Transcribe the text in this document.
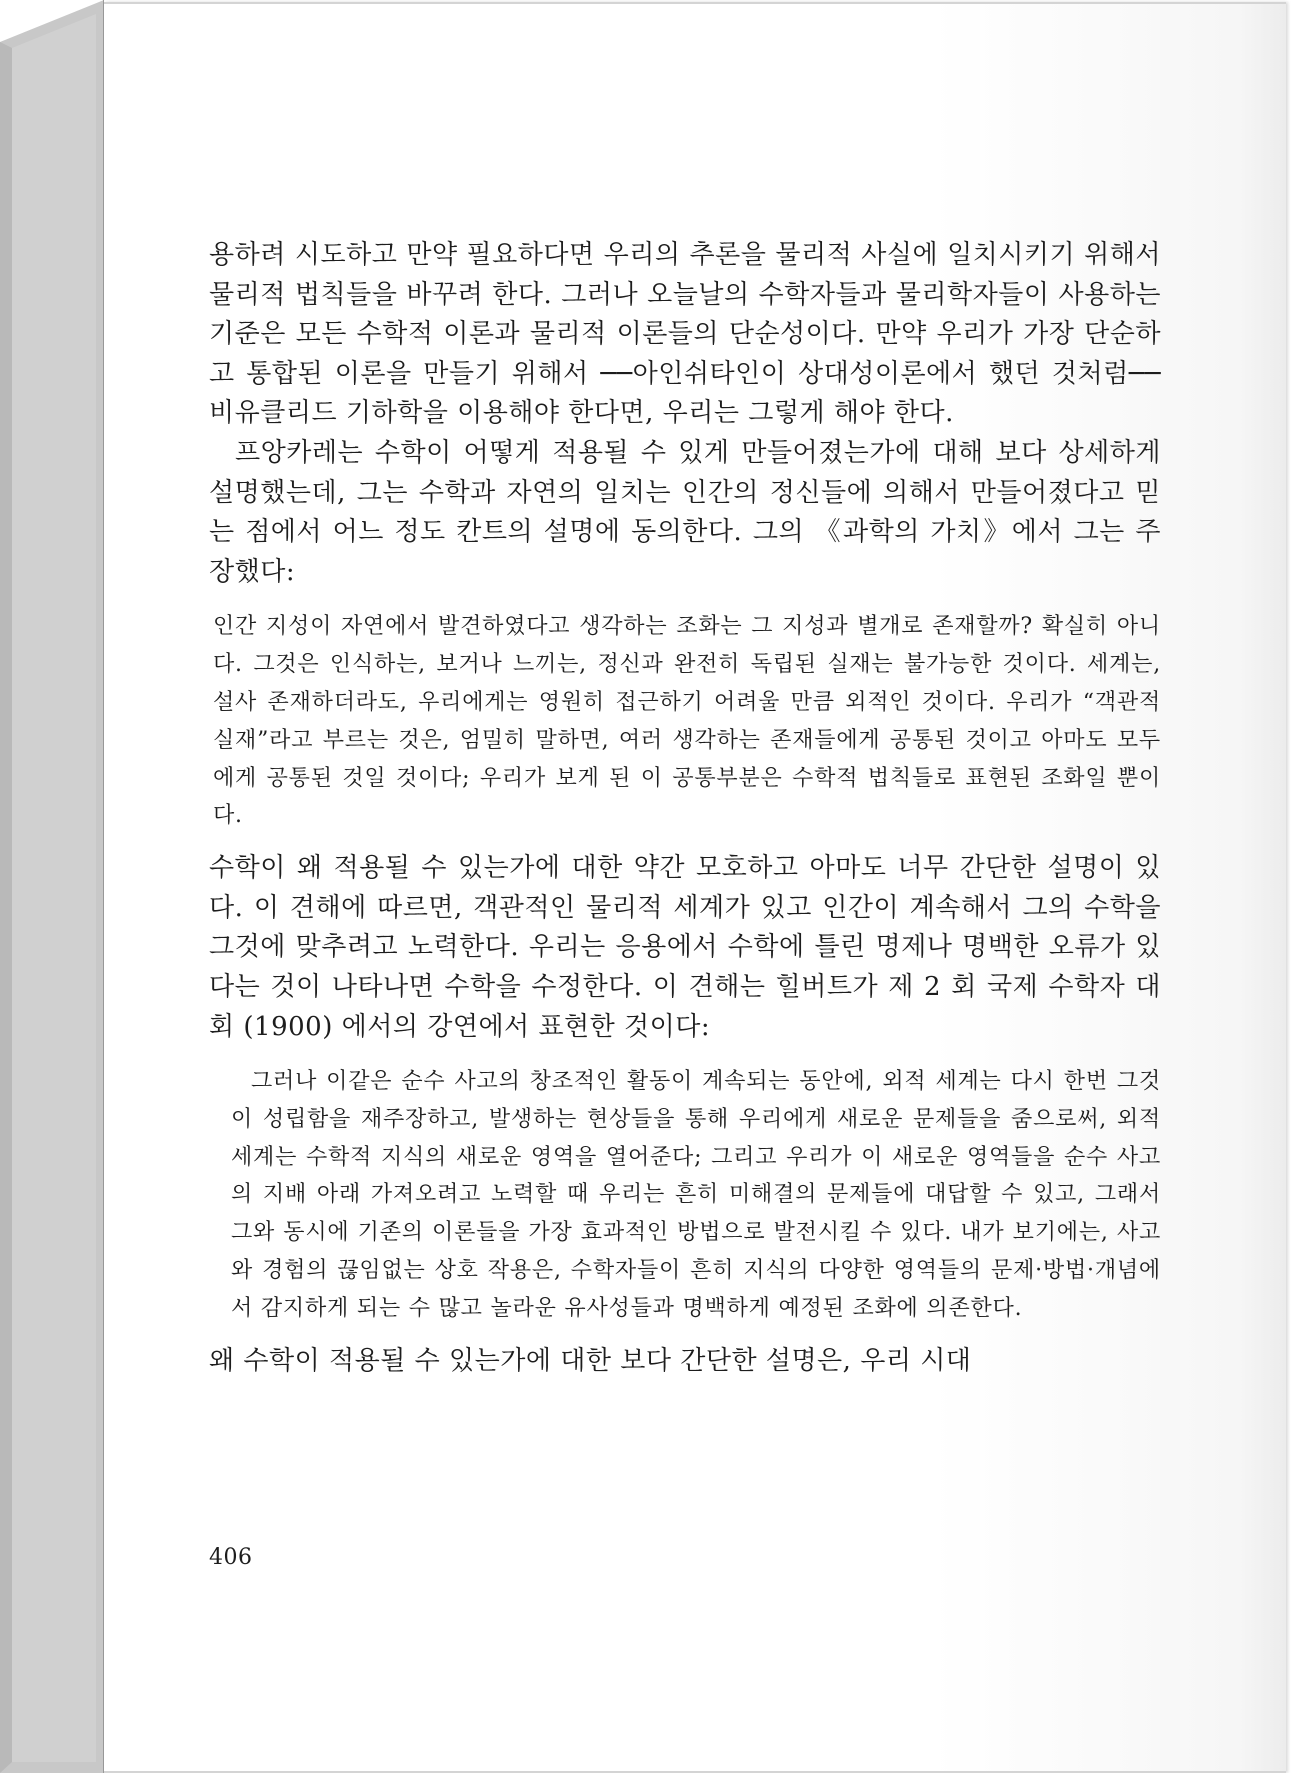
용하려 시도하고 만약 필요하다면 우리의 추론을 물리적 사실에 일치시키기 위해서 물리적 법칙들을 바꾸려 한다. 그러나 오늘날의 수학자들과 물리학자들이 사용하는 기준은 모든 수학적 이론과 물리적 이론들의 단순성이다. 만약 우리가 가장 단순하고 통합된 이론을 만들기 위해서 ──아인쉬타인이 상대성이론에서 했던 것처럼──비유클리드 기하학을 이용해야 한다면, 우리는 그렇게 해야 한다.

프앙카레는 수학이 어떻게 적용될 수 있게 만들어졌는가에 대해 보다 상세하게 설명했는데, 그는 수학과 자연의 일치는 인간의 정신들에 의해서 만들어졌다고 믿는 점에서 어느 정도 칸트의 설명에 동의한다. 그의 《과학의 가치》에서 그는 주장했다:

인간 지성이 자연에서 발견하였다고 생각하는 조화는 그 지성과 별개로 존재할까? 확실히 아니다. 그것은 인식하는, 보거나 느끼는, 정신과 완전히 독립된 실재는 불가능한 것이다. 세계는, 설사 존재하더라도, 우리에게는 영원히 접근하기 어려울 만큼 외적인 것이다. 우리가 “객관적 실재”라고 부르는 것은, 엄밀히 말하면, 여러 생각하는 존재들에게 공통된 것이고 아마도 모두에게 공통된 것일 것이다; 우리가 보게 된 이 공통부분은 수학적 법칙들로 표현된 조화일 뿐이다.

수학이 왜 적용될 수 있는가에 대한 약간 모호하고 아마도 너무 간단한 설명이 있다. 이 견해에 따르면, 객관적인 물리적 세계가 있고 인간이 계속해서 그의 수학을 그것에 맞추려고 노력한다. 우리는 응용에서 수학에 틀린 명제나 명백한 오류가 있다는 것이 나타나면 수학을 수정한다. 이 견해는 힐버트가 제 2 회 국제 수학자 대회 (1900) 에서의 강연에서 표현한 것이다:

그러나 이같은 순수 사고의 창조적인 활동이 계속되는 동안에, 외적 세계는 다시 한번 그것이 성립함을 재주장하고, 발생하는 현상들을 통해 우리에게 새로운 문제들을 줌으로써, 외적 세계는 수학적 지식의 새로운 영역을 열어준다; 그리고 우리가 이 새로운 영역들을 순수 사고의 지배 아래 가져오려고 노력할 때 우리는 흔히 미해결의 문제들에 대답할 수 있고, 그래서 그와 동시에 기존의 이론들을 가장 효과적인 방법으로 발전시킬 수 있다. 내가 보기에는, 사고와 경험의 끊임없는 상호 작용은, 수학자들이 흔히 지식의 다양한 영역들의 문제·방법·개념에서 감지하게 되는 수 많고 놀라운 유사성들과 명백하게 예정된 조화에 의존한다.

왜 수학이 적용될 수 있는가에 대한 보다 간단한 설명은, 우리 시대

406
